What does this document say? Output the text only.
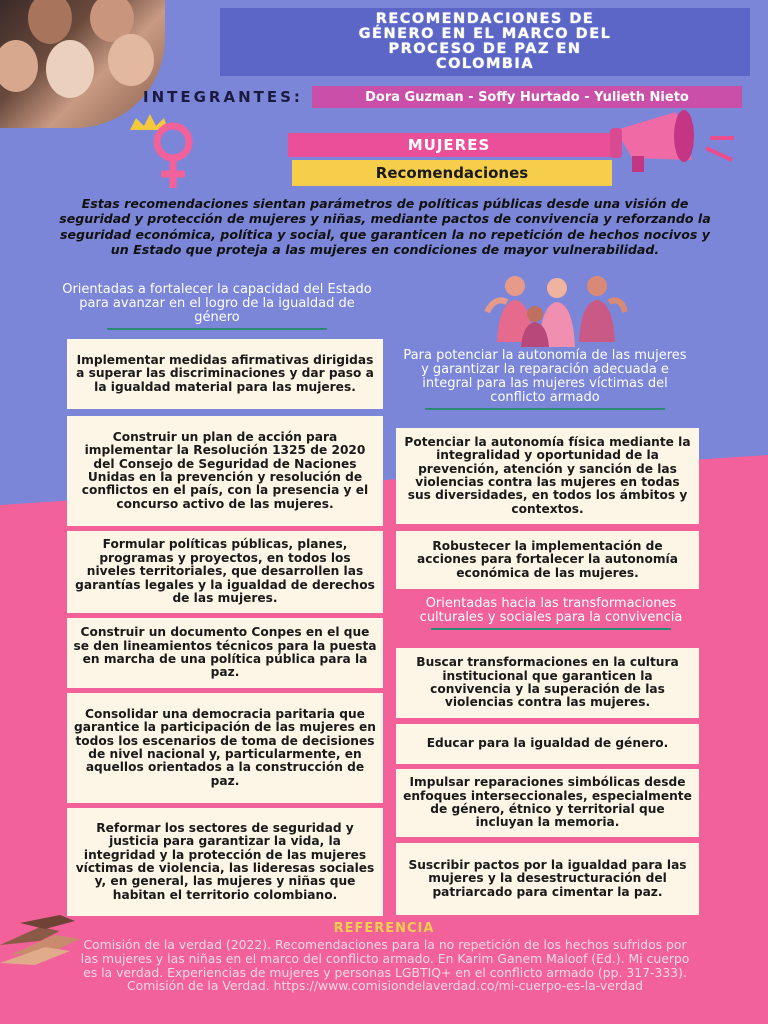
RECOMENDACIONES DE
GÉNERO EN EL MARCO DEL
PROCESO DE PAZ EN
COLOMBIA
INTEGRANTES:	Dora Guzman - Soffy Hurtado - Yulieth Nieto
MUJERES
Recomendaciones

Estas recomendaciones sientan parámetros de políticas públicas desde una visión de seguridad y protección de mujeres y niñas, mediante pactos de convivencia y reforzando la seguridad económica, política y social, que garanticen la no repetición de hechos nocivos y un Estado que proteja a las mujeres en condiciones de mayor vulnerabilidad.

Orientadas a fortalecer la capacidad del Estado para avanzar en el logro de la igualdad de género
Implementar medidas afirmativas dirigidas a superar las discriminaciones y dar paso a la igualdad material para las mujeres.
Construir un plan de acción para implementar la Resolución 1325 de 2020 del Consejo de Seguridad de Naciones Unidas en la prevención y resolución de conflictos en el país, con la presencia y el concurso activo de las mujeres.
Formular políticas públicas, planes, programas y proyectos, en todos los niveles territoriales, que desarrollen las garantías legales y la igualdad de derechos de las mujeres.
Construir un documento Conpes en el que se den lineamientos técnicos para la puesta en marcha de una política pública para la paz.
Consolidar una democracia paritaria que garantice la participación de las mujeres en todos los escenarios de toma de decisiones de nivel nacional y, particularmente, en aquellos orientados a la construcción de paz.
Reformar los sectores de seguridad y justicia para garantizar la vida, la integridad y la protección de las mujeres víctimas de violencia, las lideresas sociales y, en general, las mujeres y niñas que habitan el territorio colombiano.
Para potenciar la autonomía de las mujeres y garantizar la reparación adecuada e integral para las mujeres víctimas del conflicto armado
Potenciar la autonomía física mediante la integralidad y oportunidad de la prevención, atención y sanción de las violencias contra las mujeres en todas sus diversidades, en todos los ámbitos y contextos.
Robustecer la implementación de acciones para fortalecer la autonomía económica de las mujeres.
Orientadas hacia las transformaciones culturales y sociales para la convivencia
Buscar transformaciones en la cultura institucional que garanticen la convivencia y la superación de las violencias contra las mujeres.
Educar para la igualdad de género.
Impulsar reparaciones simbólicas desde enfoques interseccionales, especialmente de género, étnico y territorial que incluyan la memoria.
Suscribir pactos por la igualdad para las mujeres y la desestructuración del patriarcado para cimentar la paz.
REFERENCIA

Comisión de la verdad (2022). Recomendaciones para la no repetición de los hechos sufridos por las mujeres y las niñas en el marco del conflicto armado. En Karim Ganem Maloof (Ed.). Mi cuerpo es la verdad. Experiencias de mujeres y personas LGBTIQ+ en el conflicto armado (pp. 317-333). Comisión de la Verdad. https://www.comisiondelaverdad.co/mi-cuerpo-es-la-verdad
